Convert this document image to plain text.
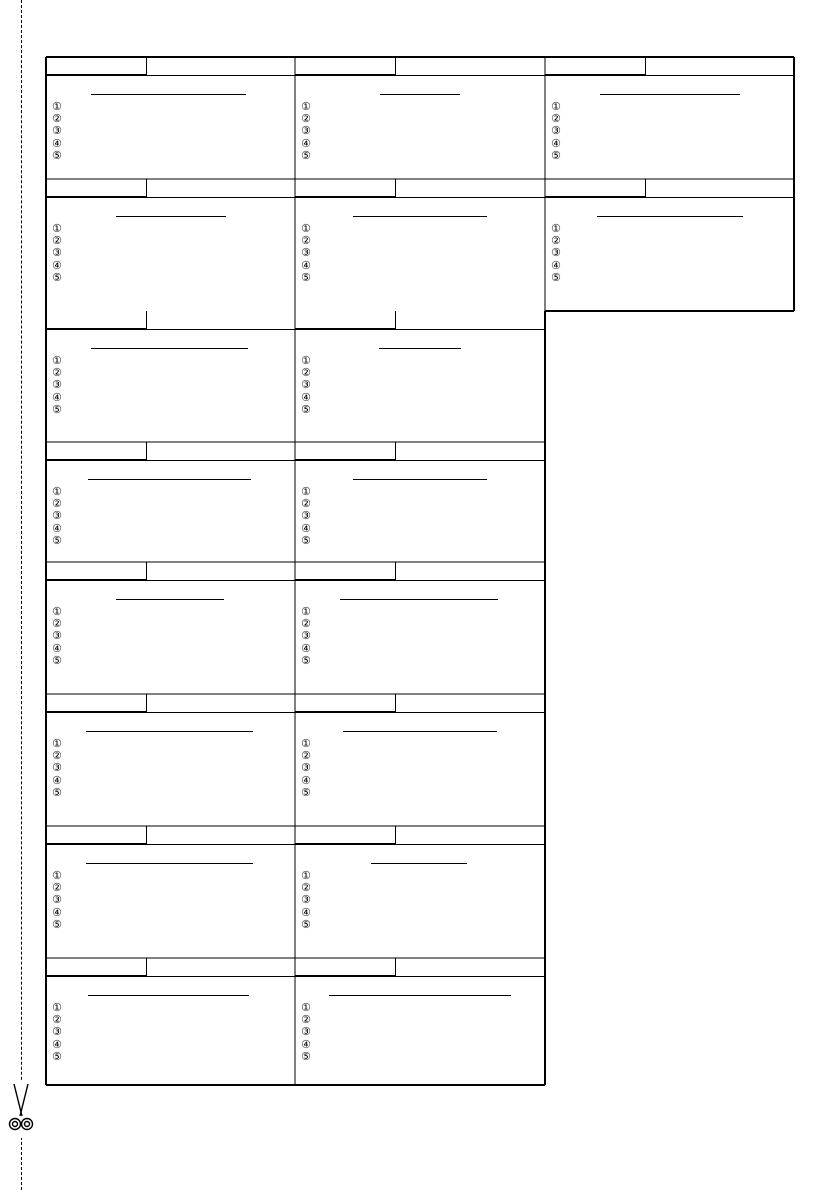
①
②
③
④
⑤
①
②
③
④
⑤
①
②
③
④
⑤
①
②
③
④
⑤
①
②
③
④
⑤
①
②
③
④
⑤
①
②
③
④
⑤
①
②
③
④
⑤
①
②
③
④
⑤
①
②
③
④
⑤
①
②
③
④
⑤
①
②
③
④
⑤
①
②
③
④
⑤
①
②
③
④
⑤
①
②
③
④
⑤
①
②
③
④
⑤
①
②
③
④
⑤
①
②
③
④
⑤
